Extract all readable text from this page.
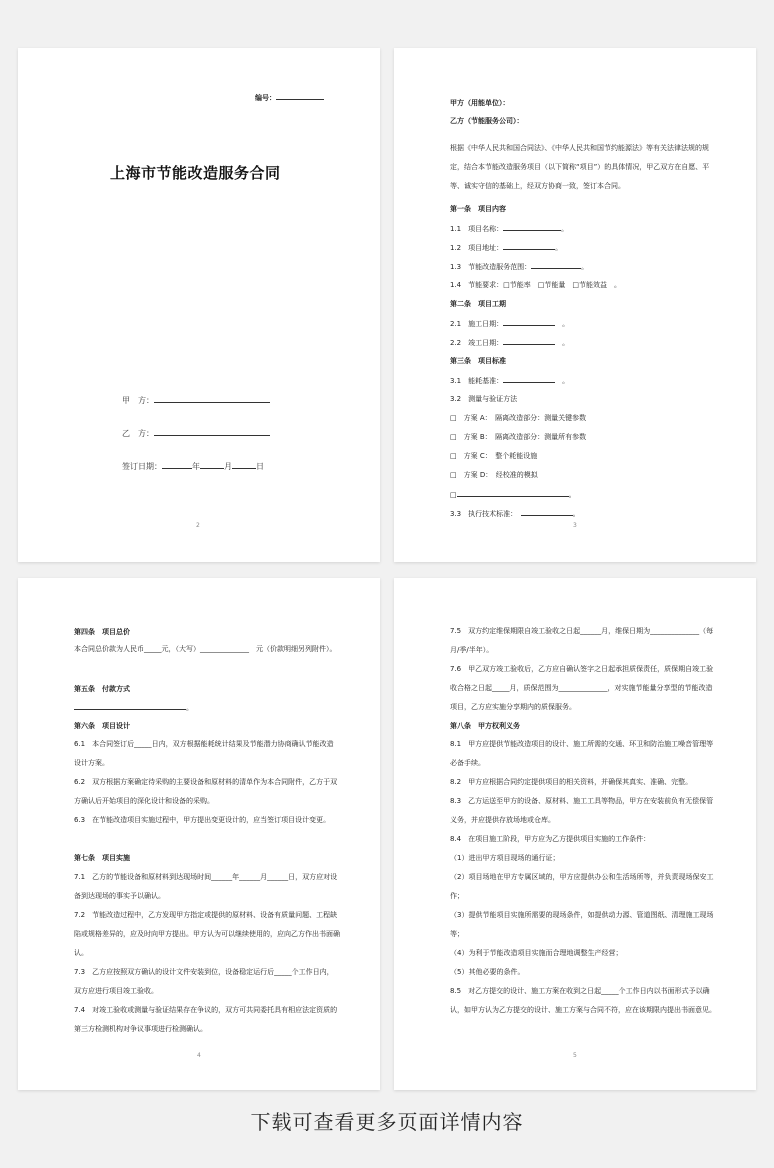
编号：
上海市节能改造服务合同
甲　方：
乙　方：
签订日期：	年	月	日
2
甲方（用能单位）：
乙方（节能服务公司）：
根据《中华人民共和国合同法》、《中华人民共和国节约能源法》等有关法律法规的规定，结合本节能改造服务项目（以下简称“项目”）的具体情况，甲乙双方在自愿、平等、诚实守信的基础上，经双方协商一致，签订本合同。
第一条　项目内容
1.1　项目名称：	。
1.2　项目地址：	。
1.3　节能改造服务范围：	。
1.4　节能要求：□节能率　□节能量　□节能效益　。
第二条　项目工期
2.1　施工日期：　	。
2.2　竣工日期：　	。
第三条　项目标准
3.1　能耗基准：　	。
3.2　测量与验证方法
□　方案 A：　隔离改造部分：测量关键参数
□　方案 B：　隔离改造部分：测量所有参数
□　方案 C：　整个耗能设施
□　方案 D：　经校准的模拟
□	。
3.3　执行技术标准：　	。
3
第四条　项目总价
本合同总价款为人民币_____元，（大写）______________　元（价款明细另列附件）。
第五条　付款方式
。
第六条　项目设计
6.1　本合同签订后_____日内，双方根据能耗统计结果及节能潜力协商确认节能改造设计方案。
6.2　双方根据方案确定待采购的主要设备和原材料的清单作为本合同附件，乙方于双方确认后开始项目的深化设计和设备的采购。
6.3　在节能改造项目实施过程中，甲方提出变更设计的，应当签订项目设计变更。
第七条　项目实施
7.1　乙方的节能设备和原材料到达现场时间______年______月______日，双方应对设备到达现场的事实予以确认。
7.2　节能改造过程中，乙方发现甲方指定或提供的原材料、设备有质量问题、工程缺陷或规格差异的，应及时向甲方提出。甲方认为可以继续使用的，应向乙方作出书面确认。
7.3　乙方应按照双方确认的设计文件安装到位，设备稳定运行后_____个工作日内，双方应进行项目竣工验收。
7.4　对竣工验收或测量与验证结果存在争议的，双方可共同委托具有相应法定资质的第三方检测机构对争议事项进行检测确认。
4
7.5　双方约定维保期限自竣工验收之日起______月，维保日期为______________（每月/季/半年）。
7.6　甲乙双方竣工验收后，乙方应自确认签字之日起承担质保责任，质保期自竣工验收合格之日起_____月，质保范围为______________，对实施节能量分享型的节能改造项目，乙方应实施分享期内的质保服务。
第八条　甲方权利义务
8.1　甲方应提供节能改造项目的设计、施工所需的交通、环卫和防治施工噪音管理等必备手续。
8.2　甲方应根据合同约定提供项目的相关资料，并确保其真实、准确、完整。
8.3　乙方运送至甲方的设备、原材料、施工工具等物品，甲方在安装前负有无偿保管义务，并应提供存放场地或仓库。
8.4　在项目施工阶段，甲方应为乙方提供项目实施的工作条件：
（1）进出甲方项目现场的通行证；
（2）项目场地在甲方专属区域的，甲方应提供办公和生活场所等，并负责现场保安工作；
（3）提供节能项目实施所需要的现场条件，如提供动力源、管道图纸、清理施工现场等；
（4）为利于节能改造项目实施而合理地调整生产经营；
（5）其他必要的条件。
8.5　对乙方提交的设计、施工方案在收到之日起_____个工作日内以书面形式予以确认，如甲方认为乙方提交的设计、施工方案与合同不符，应在该期限内提出书面意见。
5
下载可查看更多页面详情内容
